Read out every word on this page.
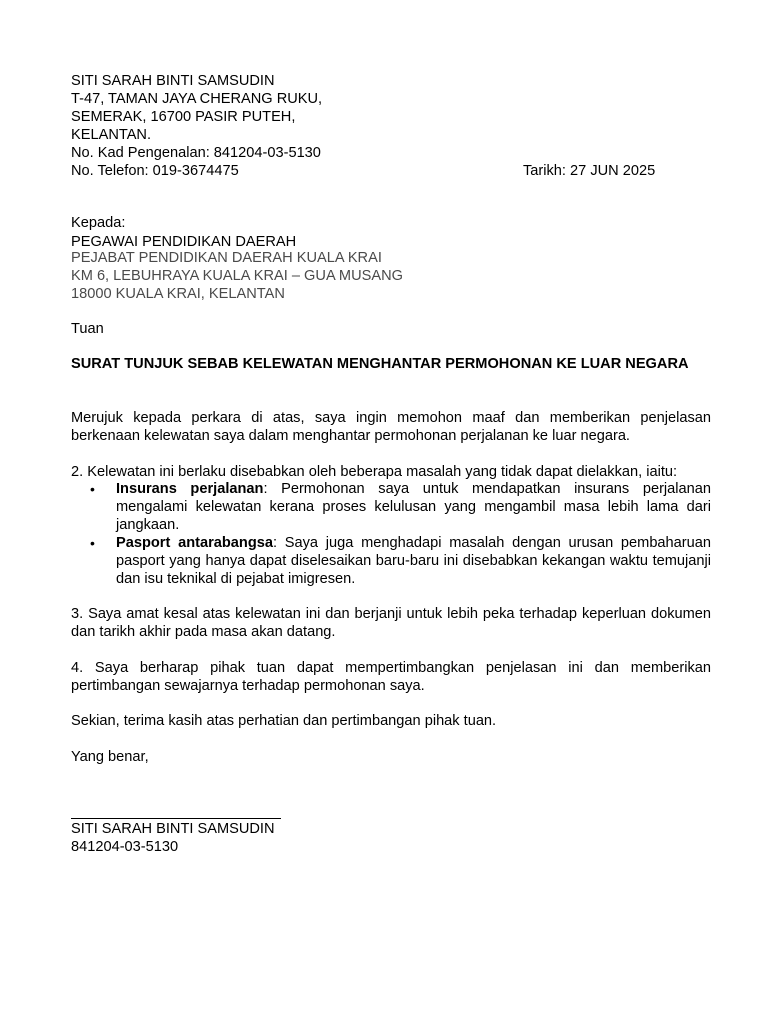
SITI SARAH BINTI SAMSUDIN
T-47, TAMAN JAYA CHERANG RUKU,
SEMERAK, 16700 PASIR PUTEH,
KELANTAN.
No. Kad Pengenalan: 841204-03-5130
No. Telefon: 019-3674475	Tarikh: 27 JUN 2025
Kepada:
PEGAWAI PENDIDIKAN DAERAH
PEJABAT PENDIDIKAN DAERAH KUALA KRAI
KM 6, LEBUHRAYA KUALA KRAI – GUA MUSANG
18000 KUALA KRAI, KELANTAN
Tuan
SURAT TUNJUK SEBAB KELEWATAN MENGHANTAR PERMOHONAN KE LUAR NEGARA
Merujuk kepada perkara di atas, saya ingin memohon maaf dan memberikan penjelasan berkenaan kelewatan saya dalam menghantar permohonan perjalanan ke luar negara.
2. Kelewatan ini berlaku disebabkan oleh beberapa masalah yang tidak dapat dielakkan, iaitu:
• Insurans perjalanan: Permohonan saya untuk mendapatkan insurans perjalanan mengalami kelewatan kerana proses kelulusan yang mengambil masa lebih lama dari jangkaan.
• Pasport antarabangsa: Saya juga menghadapi masalah dengan urusan pembaharuan pasport yang hanya dapat diselesaikan baru-baru ini disebabkan kekangan waktu temujanji dan isu teknikal di pejabat imigresen.
3. Saya amat kesal atas kelewatan ini dan berjanji untuk lebih peka terhadap keperluan dokumen dan tarikh akhir pada masa akan datang.
4. Saya berharap pihak tuan dapat mempertimbangkan penjelasan ini dan memberikan pertimbangan sewajarnya terhadap permohonan saya.
Sekian, terima kasih atas perhatian dan pertimbangan pihak tuan.
Yang benar,
SITI SARAH BINTI SAMSUDIN
841204-03-5130
